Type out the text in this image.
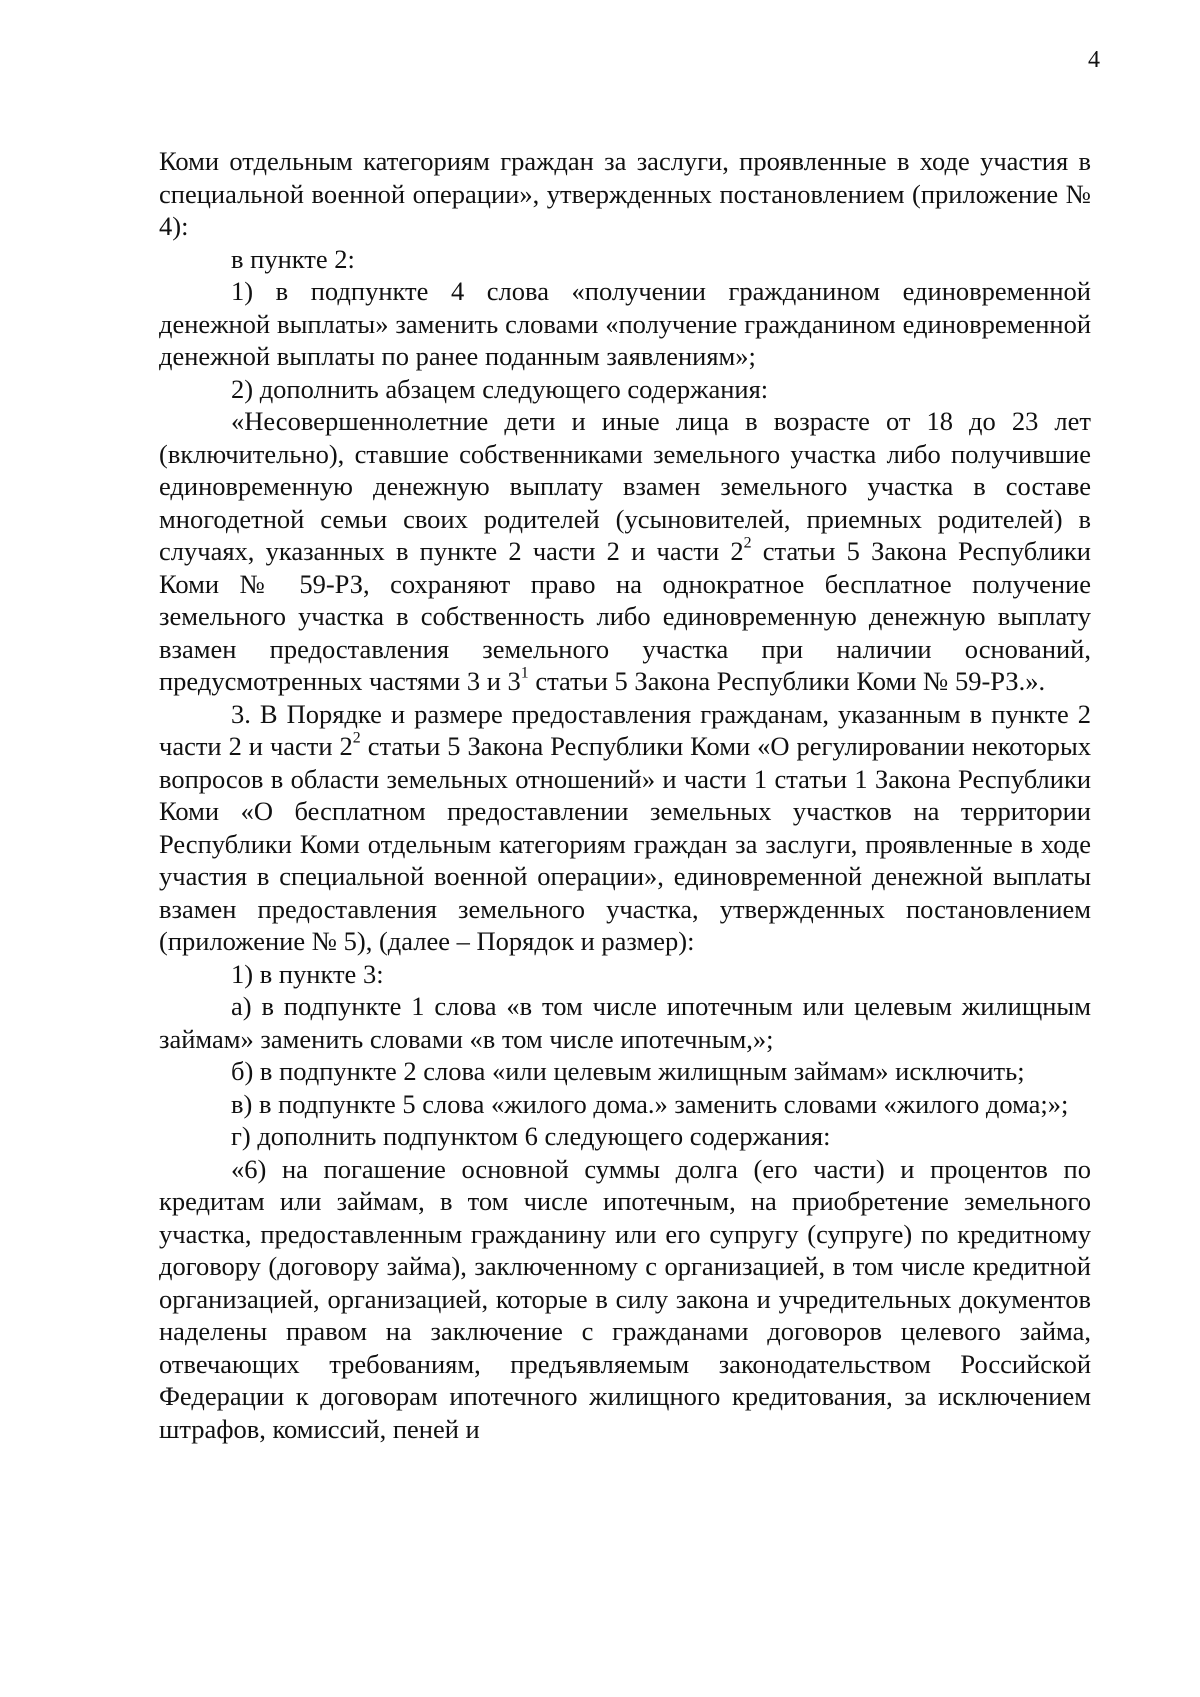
4

Коми отдельным категориям граждан за заслуги, проявленные в ходе участия в специальной военной операции», утвержденных постановлением (приложение № 4):

в пункте 2:

1) в подпункте 4 слова «получении гражданином единовременной денежной выплаты» заменить словами «получение гражданином единовременной денежной выплаты по ранее поданным заявлениям»;

2) дополнить абзацем следующего содержания:

«Несовершеннолетние дети и иные лица в возрасте от 18 до 23 лет (включительно), ставшие собственниками земельного участка либо получившие единовременную денежную выплату взамен земельного участка в составе многодетной семьи своих родителей (усыновителей, приемных родителей) в случаях, указанных в пункте 2 части 2 и части $2^2$ статьи 5 Закона Республики Коми № 59-РЗ, сохраняют право на однократное бесплатное получение земельного участка в собственность либо единовременную денежную выплату взамен предоставления земельного участка при наличии оснований, предусмотренных частями 3 и $3^1$ статьи 5 Закона Республики Коми № 59-РЗ.».

3. В Порядке и размере предоставления гражданам, указанным в пункте 2 части 2 и части $2^2$ статьи 5 Закона Республики Коми «О регулировании некоторых вопросов в области земельных отношений» и части 1 статьи 1 Закона Республики Коми «О бесплатном предоставлении земельных участков на территории Республики Коми отдельным категориям граждан за заслуги, проявленные в ходе участия в специальной военной операции», единовременной денежной выплаты взамен предоставления земельного участка, утвержденных постановлением (приложение № 5), (далее – Порядок и размер):

1) в пункте 3:

а) в подпункте 1 слова «в том числе ипотечным или целевым жилищным займам» заменить словами «в том числе ипотечным,»;

б) в подпункте 2 слова «или целевым жилищным займам» исключить;

в) в подпункте 5 слова «жилого дома.» заменить словами «жилого дома;»;

г) дополнить подпунктом 6 следующего содержания:

«6) на погашение основной суммы долга (его части) и процентов по кредитам или займам, в том числе ипотечным, на приобретение земельного участка, предоставленным гражданину или его супругу (супруге) по кредитному договору (договору займа), заключенному с организацией, в том числе кредитной организацией, организацией, которые в силу закона и учредительных документов наделены правом на заключение с гражданами договоров целевого займа, отвечающих требованиям, предъявляемым законодательством Российской Федерации к договорам ипотечного жилищного кредитования, за исключением штрафов, комиссий, пеней и
